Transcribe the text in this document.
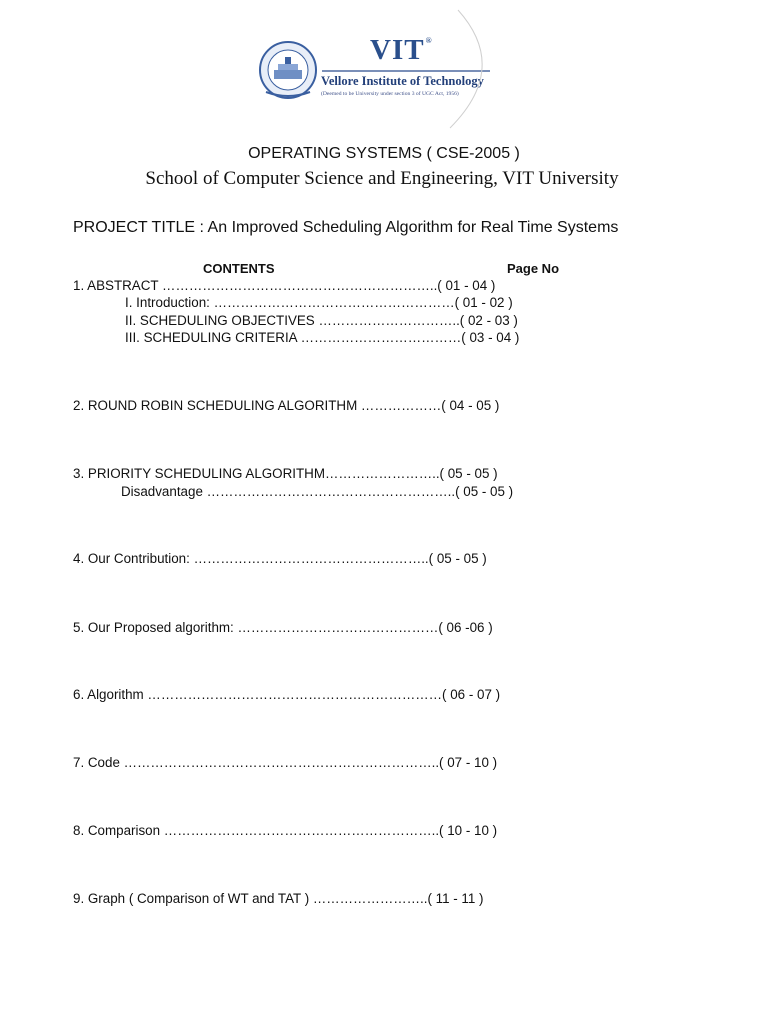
VIT®
Vellore Institute of Technology
(Deemed to be University under section 3 of UGC Act, 1956)
OPERATING SYSTEMS ( CSE-2005 )
School of Computer Science and Engineering, VIT University
PROJECT TITLE : An Improved Scheduling Algorithm for Real Time Systems
CONTENTS	Page No
1. ABSTRACT ……………………………………………………..( 01 - 04 )
I. Introduction: ………………………………………………( 01 - 02 )
II. SCHEDULING OBJECTIVES …………………………..( 02 - 03 )
III. SCHEDULING CRITERIA ………………………………( 03 - 04 )
2. ROUND ROBIN SCHEDULING ALGORITHM ………………( 04 - 05 )
3. PRIORITY SCHEDULING ALGORITHM……………………..( 05 - 05 )
Disadvantage ………………………………………………..( 05 - 05 )
4. Our Contribution: ……………………………………………..( 05 - 05 )
5. Our Proposed algorithm: ………………………………………( 06 -06 )
6. Algorithm …………………………………………………………( 06 - 07 )
7. Code ……………………………………………………………..( 07 - 10 )
8. Comparison ……………………………………………………..( 10 - 10 )
9. Graph ( Comparison of WT and TAT ) ……………………..( 11 - 11 )
